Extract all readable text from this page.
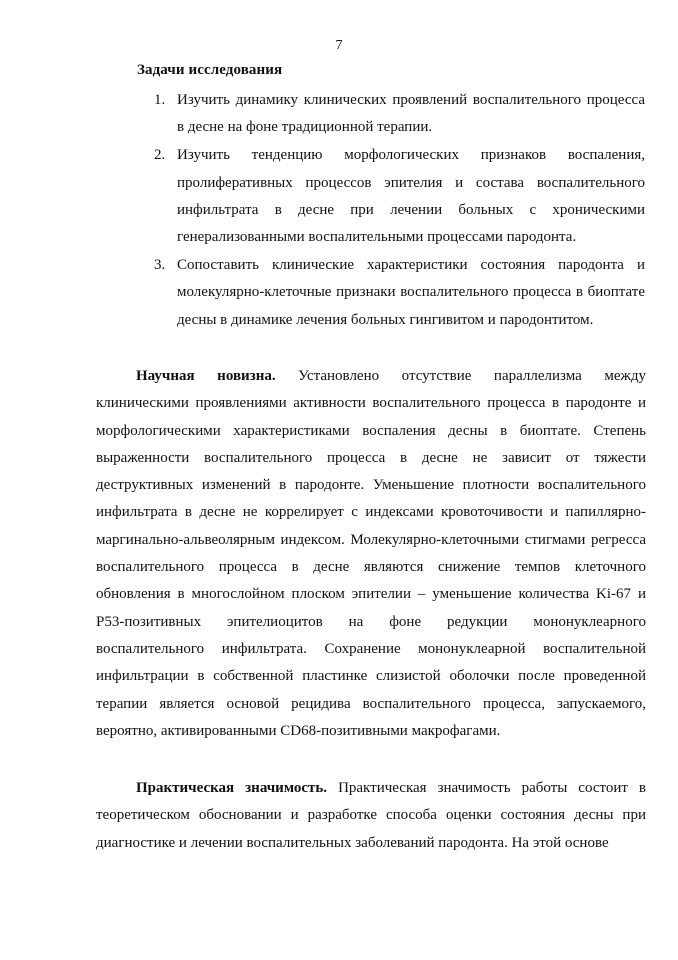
7
Задачи исследования
1. Изучить динамику клинических проявлений воспалительного процесса в десне на фоне традиционной терапии.
2. Изучить тенденцию морфологических признаков воспаления, пролиферативных процессов эпителия и состава воспалительного инфильтрата в десне при лечении больных с хроническими генерализованными воспалительными процессами пародонта.
3. Сопоставить клинические характеристики состояния пародонта и молекулярно-клеточные признаки воспалительного процесса в биоптате десны в динамике лечения больных гингивитом и пародонтитом.
Научная новизна. Установлено отсутствие параллелизма между клиническими проявлениями активности воспалительного процесса в пародонте и морфологическими характеристиками воспаления десны в биоптате. Степень выраженности воспалительного процесса в десне не зависит от тяжести деструктивных изменений в пародонте. Уменьшение плотности воспалительного инфильтрата в десне не коррелирует с индексами кровоточивости и папиллярно-маргинально-альвеолярным индексом. Молекулярно-клеточными стигмами регресса воспалительного процесса в десне являются снижение темпов клеточного обновления в многослойном плоском эпителии – уменьшение количества Ki-67 и P53-позитивных эпителиоцитов на фоне редукции мононуклеарного воспалительного инфильтрата. Сохранение мононуклеарной воспалительной инфильтрации в собственной пластинке слизистой оболочки после проведенной терапии является основой рецидива воспалительного процесса, запускаемого, вероятно, активированными CD68-позитивными макрофагами.
Практическая значимость. Практическая значимость работы состоит в теоретическом обосновании и разработке способа оценки состояния десны при диагностике и лечении воспалительных заболеваний пародонта. На этой основе
